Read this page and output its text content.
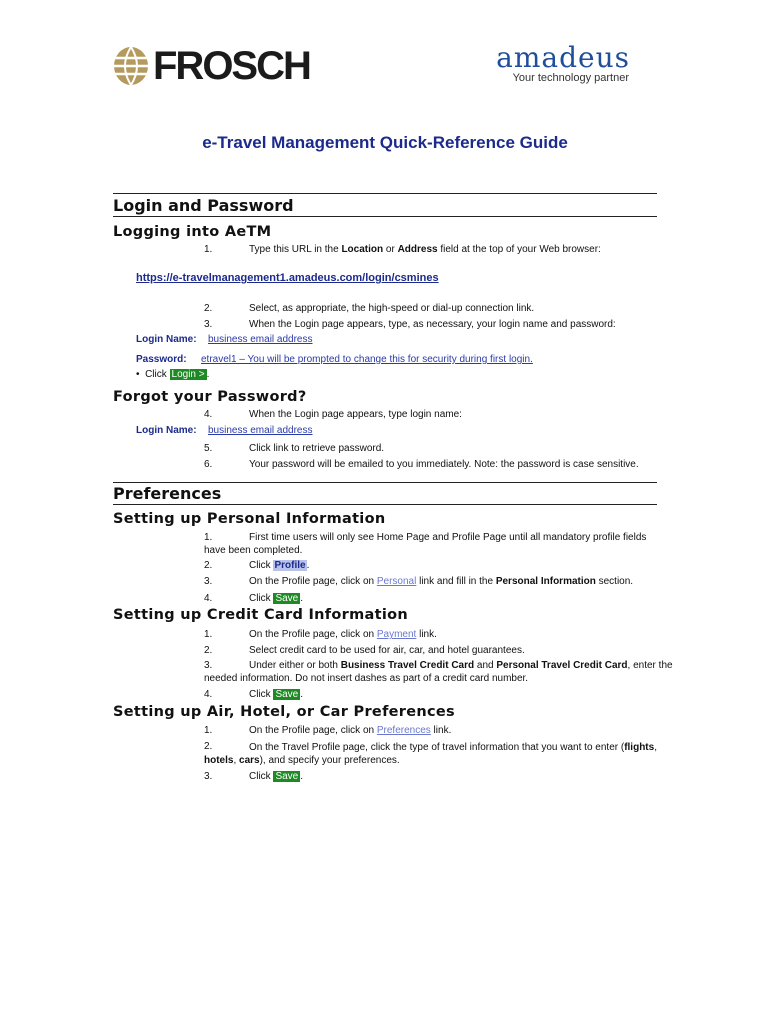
FROSCH	amadeus
Your technology partner
e-Travel Management Quick-Reference Guide
Login and Password
Logging into AeTM
1.	Type this URL in the Location or Address field at the top of your Web browser:
https://e-travelmanagement1.amadeus.com/login/csmines
2.	Select, as appropriate, the high-speed or dial-up connection link.
3.	When the Login page appears, type, as necessary, your login name and password:
Login Name: business email address
Password: etravel1 – You will be prompted to change this for security during first login.
•  Click Login > .
Forgot your Password?
4.	When the Login page appears, type login name:
Login Name: business email address
5.	Click link to retrieve password.
6.	Your password will be emailed to you immediately. Note: the password is case sensitive.
Preferences
Setting up Personal Information
1.	First time users will only see Home Page and Profile Page until all mandatory profile fields
have been completed.
2.	Click Profile.
3.	On the Profile page, click on Personal link and fill in the Personal Information section.
4.	Click Save .
Setting up Credit Card Information
1.	On the Profile page, click on Payment link.
2.	Select credit card to be used for air, car, and hotel guarantees.
3.	Under either or both Business Travel Credit Card and Personal Travel Credit Card, enter the
needed information. Do not insert dashes as part of a credit card number.
4.	Click Save .
Setting up Air, Hotel, or Car Preferences
1.	On the Profile page, click on Preferences link.
2.	On the Travel Profile page, click the type of travel information that you want to enter (flights, hotels, cars), and specify your preferences.
3.	Click Save .
